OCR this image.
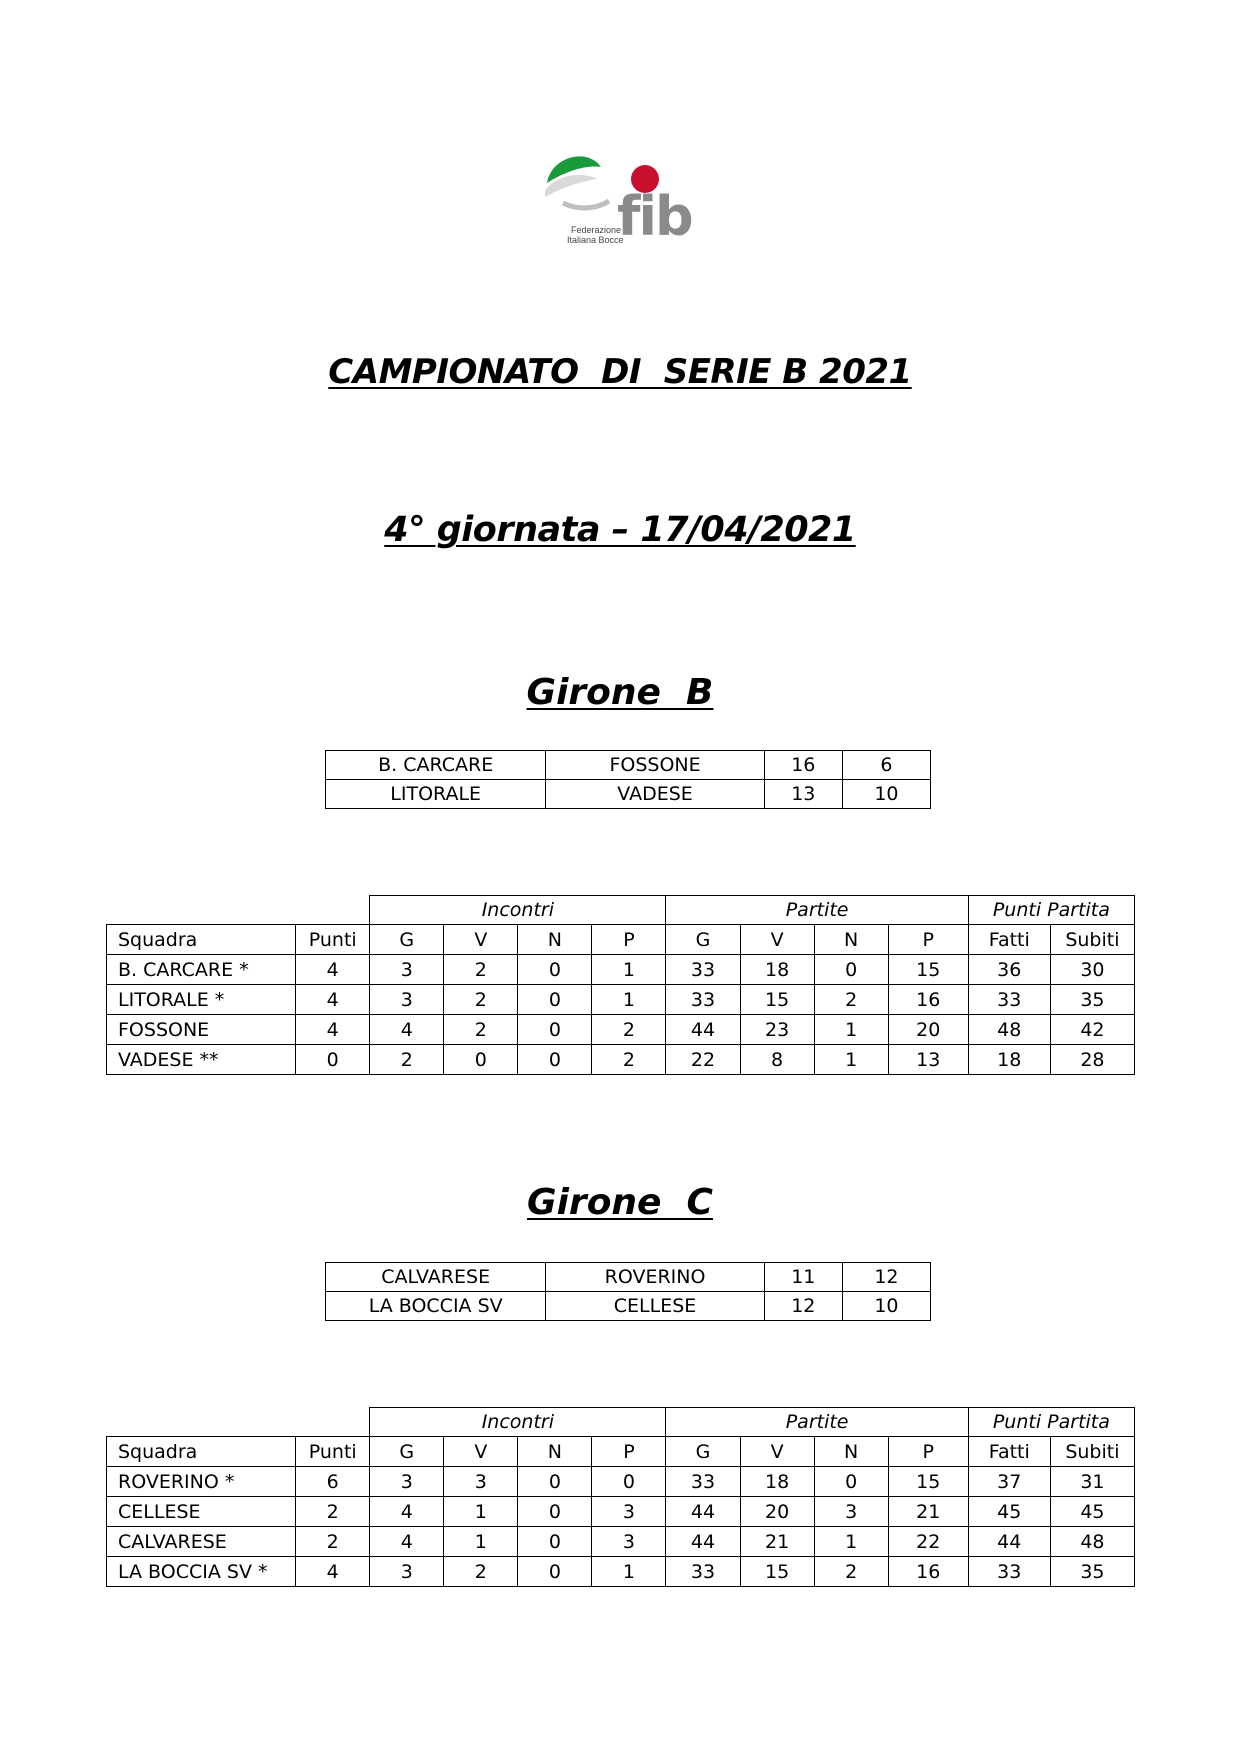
fib
Federazione
Italiana Bocce
CAMPIONATO  DI  SERIE B 2021
4° giornata – 17/04/2021
Girone  B
B. CARCARE	FOSSONE	16	6
LITORALE	VADESE	13	10
		Incontri				Partite				Punti Partita	
Squadra	Punti	G	V	N	P	G	V	N	P	Fatti	Subiti
B. CARCARE *	4	3	2	0	1	33	18	0	15	36	30
LITORALE *	4	3	2	0	1	33	15	2	16	33	35
FOSSONE	4	4	2	0	2	44	23	1	20	48	42
VADESE **	0	2	0	0	2	22	8	1	13	18	28
Girone  C
CALVARESE	ROVERINO	11	12
LA BOCCIA SV	CELLESE	12	10
		Incontri				Partite				Punti Partita	
Squadra	Punti	G	V	N	P	G	V	N	P	Fatti	Subiti
ROVERINO *	6	3	3	0	0	33	18	0	15	37	31
CELLESE	2	4	1	0	3	44	20	3	21	45	45
CALVARESE	2	4	1	0	3	44	21	1	22	44	48
LA BOCCIA SV *	4	3	2	0	1	33	15	2	16	33	35
